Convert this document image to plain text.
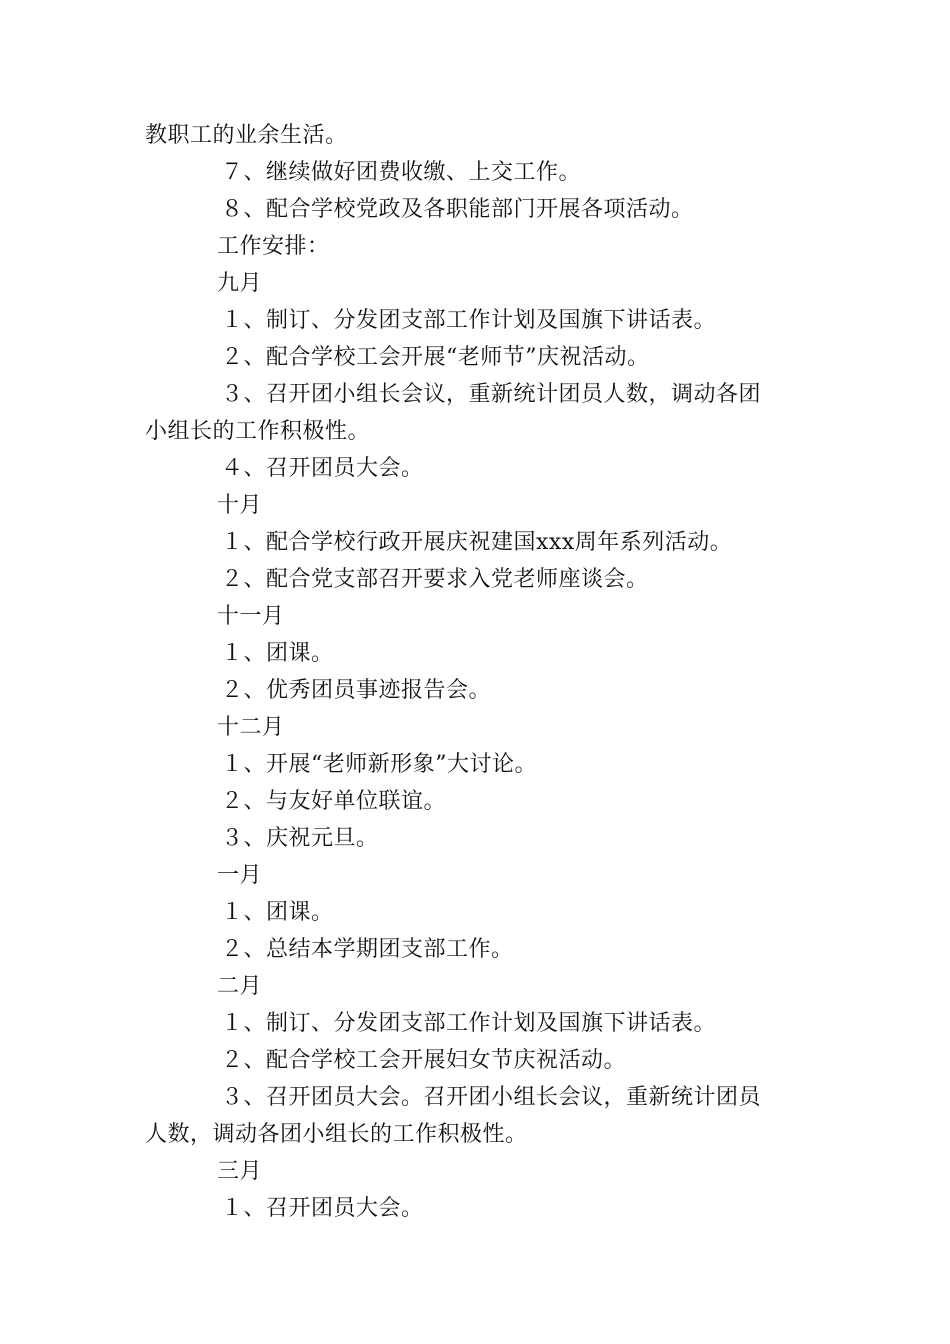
教职工的业余生活。
７、继续做好团费收缴、上交工作。
８、配合学校党政及各职能部门开展各项活动。
工作安排：
九月
１、制订、分发团支部工作计划及国旗下讲话表。
２、配合学校工会开展“老师节”庆祝活动。
３、召开团小组长会议，重新统计团员人数，调动各团
小组长的工作积极性。
４、召开团员大会。
十月
１、配合学校行政开展庆祝建国xxx周年系列活动。
２、配合党支部召开要求入党老师座谈会。
十一月
１、团课。
２、优秀团员事迹报告会。
十二月
１、开展“老师新形象”大讨论。
２、与友好单位联谊。
３、庆祝元旦。
一月
１、团课。
２、总结本学期团支部工作。
二月
１、制订、分发团支部工作计划及国旗下讲话表。
２、配合学校工会开展妇女节庆祝活动。
３、召开团员大会。召开团小组长会议，重新统计团员
人数，调动各团小组长的工作积极性。
三月
１、召开团员大会。
